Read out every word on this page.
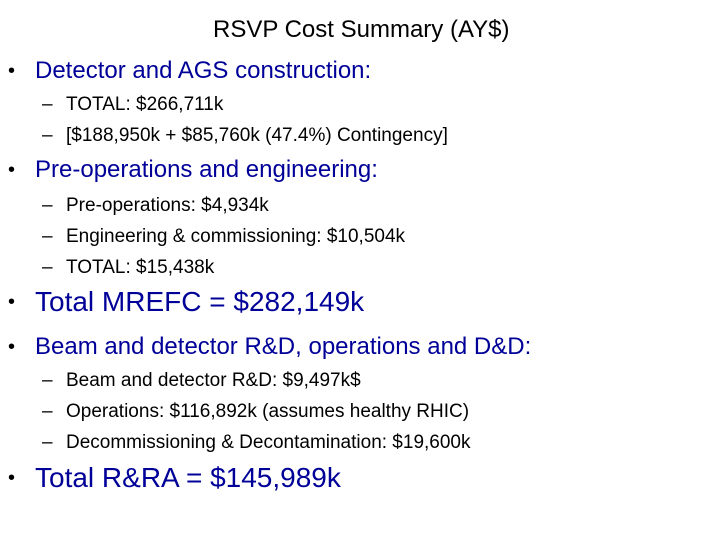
RSVP Cost Summary (AY$)
• Detector and AGS construction:
– TOTAL: $266,711k
– [$188,950k + $85,760k (47.4%) Contingency]
• Pre-operations and engineering:
– Pre-operations: $4,934k
– Engineering & commissioning: $10,504k
– TOTAL: $15,438k
• Total MREFC = $282,149k
• Beam and detector R&D, operations and D&D:
– Beam and detector R&D: $9,497k$
– Operations: $116,892k (assumes healthy RHIC)
– Decommissioning & Decontamination: $19,600k
• Total R&RA = $145,989k
